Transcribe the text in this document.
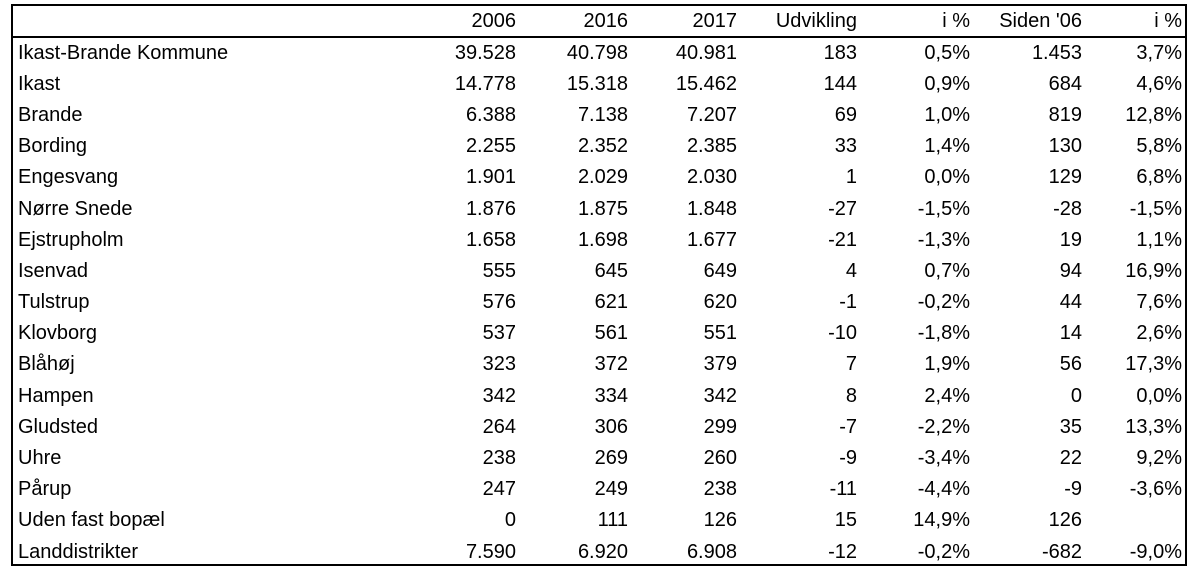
	2006	2016	2017	Udvikling	i %	Siden '06	i %
Ikast-Brande Kommune	39.528	40.798	40.981	183	0,5%	1.453	3,7%
Ikast	14.778	15.318	15.462	144	0,9%	684	4,6%
Brande	6.388	7.138	7.207	69	1,0%	819	12,8%
Bording	2.255	2.352	2.385	33	1,4%	130	5,8%
Engesvang	1.901	2.029	2.030	1	0,0%	129	6,8%
Nørre Snede	1.876	1.875	1.848	-27	-1,5%	-28	-1,5%
Ejstrupholm	1.658	1.698	1.677	-21	-1,3%	19	1,1%
Isenvad	555	645	649	4	0,7%	94	16,9%
Tulstrup	576	621	620	-1	-0,2%	44	7,6%
Klovborg	537	561	551	-10	-1,8%	14	2,6%
Blåhøj	323	372	379	7	1,9%	56	17,3%
Hampen	342	334	342	8	2,4%	0	0,0%
Gludsted	264	306	299	-7	-2,2%	35	13,3%
Uhre	238	269	260	-9	-3,4%	22	9,2%
Pårup	247	249	238	-11	-4,4%	-9	-3,6%
Uden fast bopæl	0	111	126	15	14,9%	126	
Landdistrikter	7.590	6.920	6.908	-12	-0,2%	-682	-9,0%
